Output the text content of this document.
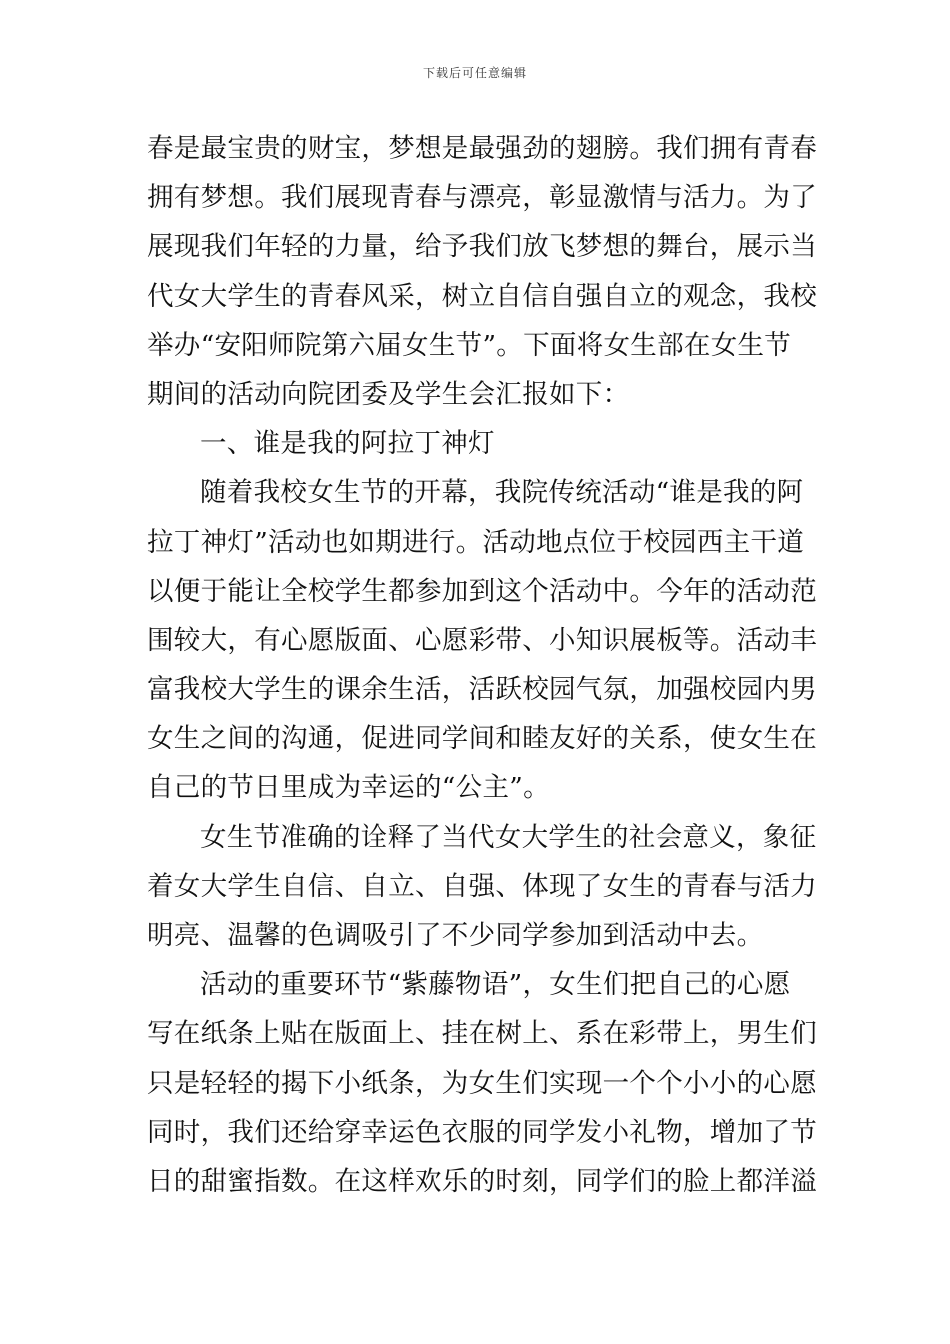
下载后可任意编辑
春是最宝贵的财宝，梦想是最强劲的翅膀。我们拥有青春
拥有梦想。我们展现青春与漂亮，彰显激情与活力。为了
展现我们年轻的力量，给予我们放飞梦想的舞台，展示当
代女大学生的青春风采，树立自信自强自立的观念，我校
举办“安阳师院第六届女生节”。下面将女生部在女生节
期间的活动向院团委及学生会汇报如下：
一、谁是我的阿拉丁神灯
随着我校女生节的开幕，我院传统活动“谁是我的阿
拉丁神灯”活动也如期进行。活动地点位于校园西主干道
以便于能让全校学生都参加到这个活动中。今年的活动范
围较大，有心愿版面、心愿彩带、小知识展板等。活动丰
富我校大学生的课余生活，活跃校园气氛，加强校园内男
女生之间的沟通，促进同学间和睦友好的关系，使女生在
自己的节日里成为幸运的“公主”。
女生节准确的诠释了当代女大学生的社会意义，象征
着女大学生自信、自立、自强、体现了女生的青春与活力
明亮、温馨的色调吸引了不少同学参加到活动中去。
活动的重要环节“紫藤物语”，女生们把自己的心愿
写在纸条上贴在版面上、挂在树上、系在彩带上，男生们
只是轻轻的揭下小纸条，为女生们实现一个个小小的心愿
同时，我们还给穿幸运色衣服的同学发小礼物，增加了节
日的甜蜜指数。在这样欢乐的时刻，同学们的脸上都洋溢
